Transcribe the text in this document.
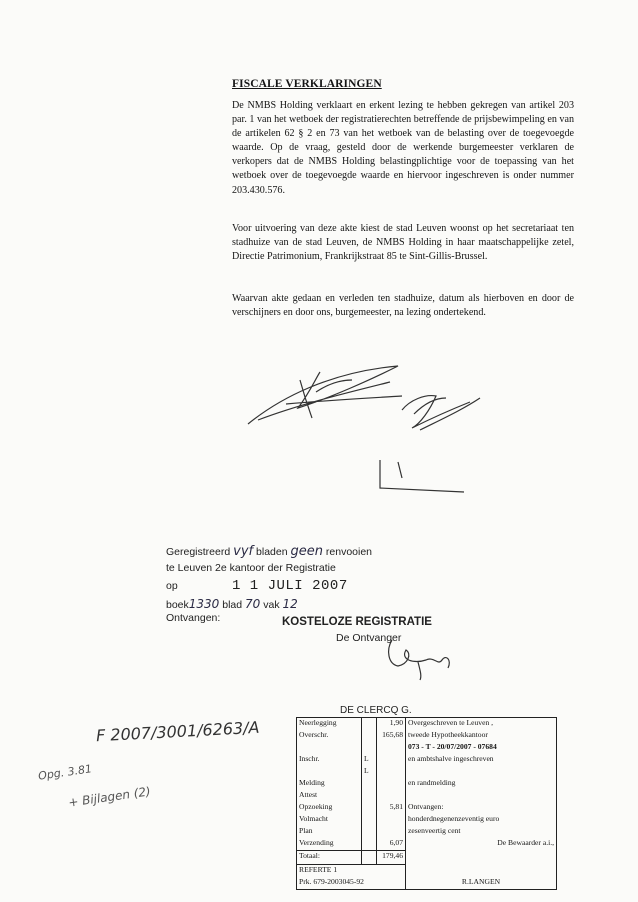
FISCALE VERKLARINGEN

De NMBS Holding verklaart en erkent lezing te hebben gekregen van artikel 203 par. 1 van het wetboek der registratierechten betreffende de prijsbewimpeling en van de artikelen 62 § 2 en 73 van het wetboek van de belasting over de toegevoegde waarde. Op de vraag, gesteld door de werkende burgemeester verklaren de verkopers dat de NMBS Holding belastingplichtige voor de toepassing van het wetboek over de toegevoegde waarde en hiervoor ingeschreven is onder nummer 203.430.576.

Voor uitvoering van deze akte kiest de stad Leuven woonst op het secretariaat ten stadhuize van de stad Leuven, de NMBS Holding in haar maatschappelijke zetel, Directie Patrimonium, Frankrijkstraat 85 te Sint-Gillis-Brussel.

Waarvan akte gedaan en verleden ten stadhuize, datum als hierboven en door de verschijners en door ons, burgemeester, na lezing ondertekend.

Geregistreerd vyf bladen geen renvooien
te Leuven 2e kantoor der Registratie
op	1 1 JULI 2007
boek1330 blad 70 vak 12
Ontvangen:	KOSTELOZE REGISTRATIE
De Ontvanger
DE CLERCQ G.
F 2007/3001/6263/A
Opg. 3.81
+ Bijlagen (2)
Neerlegging		1,90	Overgeschreven te Leuven ,
Overschr.		165,68	tweede Hypotheekkantoor
			073 - T - 20/07/2007 - 07684
Inschr.	L		en ambtshalve ingeschreven
	L		
Melding			en randmelding
Attest			
Opzoeking		5,81	Ontvangen:
Volmacht			honderdnegenenzeventig euro
Plan			zesenveertig cent
Verzending		6,07	De Bewaarder a.i.,
Totaal:		179,46	
REFERTE 1			
Prk. 679-2003045-92			R.LANGEN
